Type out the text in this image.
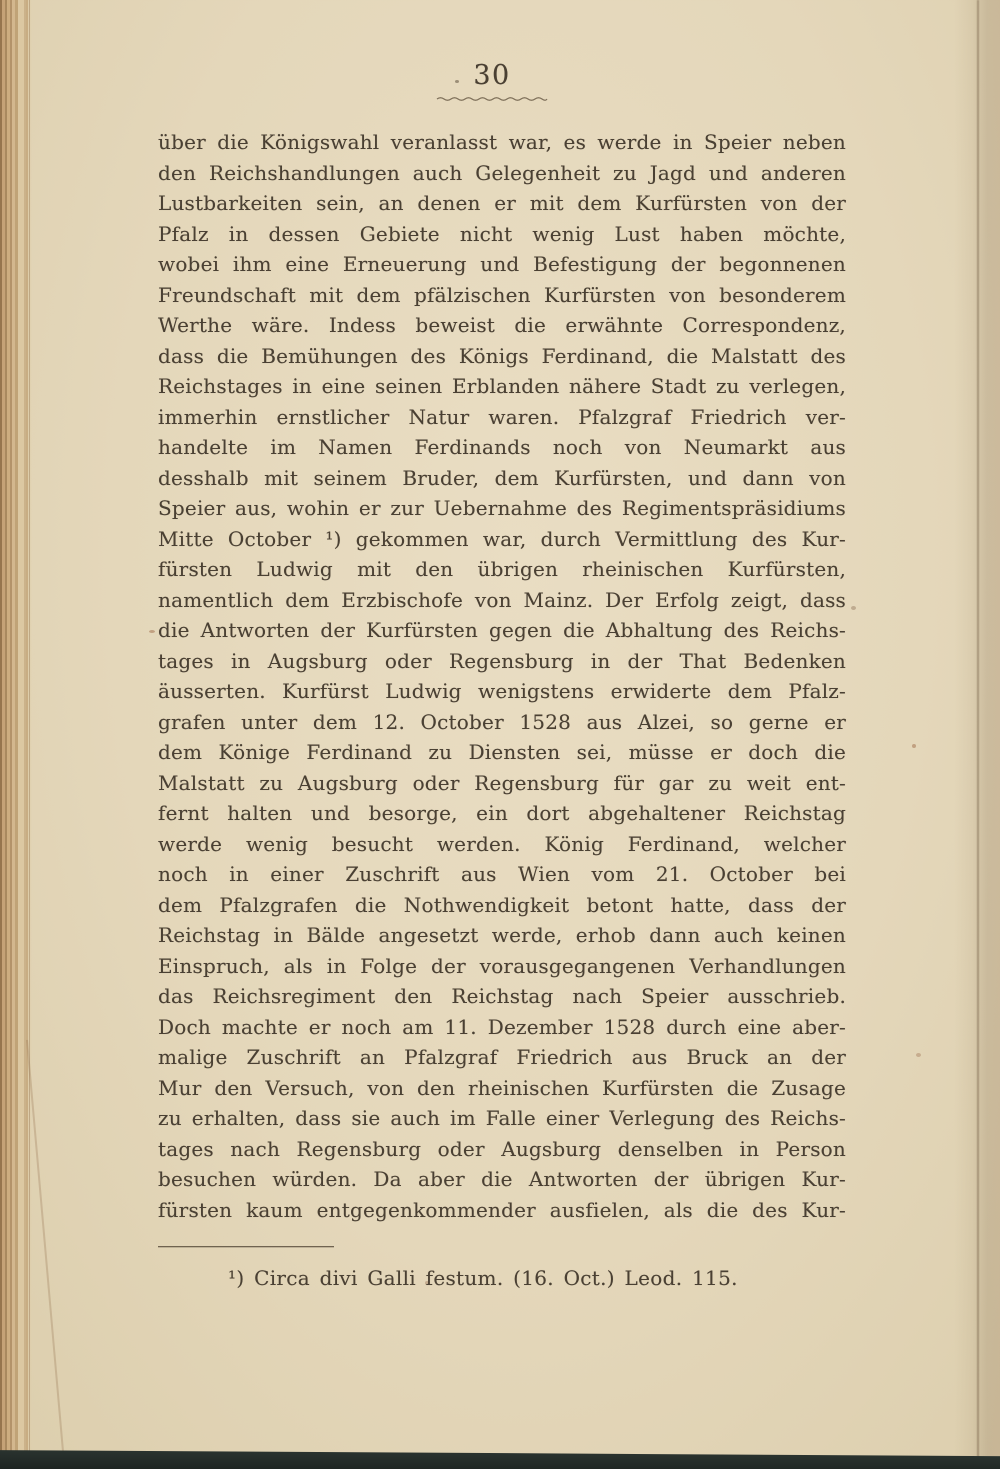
30
über die Königswahl veranlasst war, es werde in Speier neben
den Reichshandlungen auch Gelegenheit zu Jagd und anderen
Lustbarkeiten sein, an denen er mit dem Kurfürsten von der
Pfalz in dessen Gebiete nicht wenig Lust haben möchte,
wobei ihm eine Erneuerung und Befestigung der begonnenen
Freundschaft mit dem pfälzischen Kurfürsten von besonderem
Werthe wäre. Indess beweist die erwähnte Correspondenz,
dass die Bemühungen des Königs Ferdinand, die Malstatt des
Reichstages in eine seinen Erblanden nähere Stadt zu verlegen,
immerhin ernstlicher Natur waren. Pfalzgraf Friedrich ver-
handelte im Namen Ferdinands noch von Neumarkt aus
desshalb mit seinem Bruder, dem Kurfürsten, und dann von
Speier aus, wohin er zur Uebernahme des Regimentspräsidiums
Mitte October ¹) gekommen war, durch Vermittlung des Kur-
fürsten Ludwig mit den übrigen rheinischen Kurfürsten,
namentlich dem Erzbischofe von Mainz. Der Erfolg zeigt, dass
die Antworten der Kurfürsten gegen die Abhaltung des Reichs-
tages in Augsburg oder Regensburg in der That Bedenken
äusserten. Kurfürst Ludwig wenigstens erwiderte dem Pfalz-
grafen unter dem 12. October 1528 aus Alzei, so gerne er
dem Könige Ferdinand zu Diensten sei, müsse er doch die
Malstatt zu Augsburg oder Regensburg für gar zu weit ent-
fernt halten und besorge, ein dort abgehaltener Reichstag
werde wenig besucht werden. König Ferdinand, welcher
noch in einer Zuschrift aus Wien vom 21. October bei
dem Pfalzgrafen die Nothwendigkeit betont hatte, dass der
Reichstag in Bälde angesetzt werde, erhob dann auch keinen
Einspruch, als in Folge der vorausgegangenen Verhandlungen
das Reichsregiment den Reichstag nach Speier ausschrieb.
Doch machte er noch am 11. Dezember 1528 durch eine aber-
malige Zuschrift an Pfalzgraf Friedrich aus Bruck an der
Mur den Versuch, von den rheinischen Kurfürsten die Zusage
zu erhalten, dass sie auch im Falle einer Verlegung des Reichs-
tages nach Regensburg oder Augsburg denselben in Person
besuchen würden. Da aber die Antworten der übrigen Kur-
fürsten kaum entgegenkommender ausfielen, als die des Kur-
¹) Circa divi Galli festum. (16. Oct.) Leod. 115.
